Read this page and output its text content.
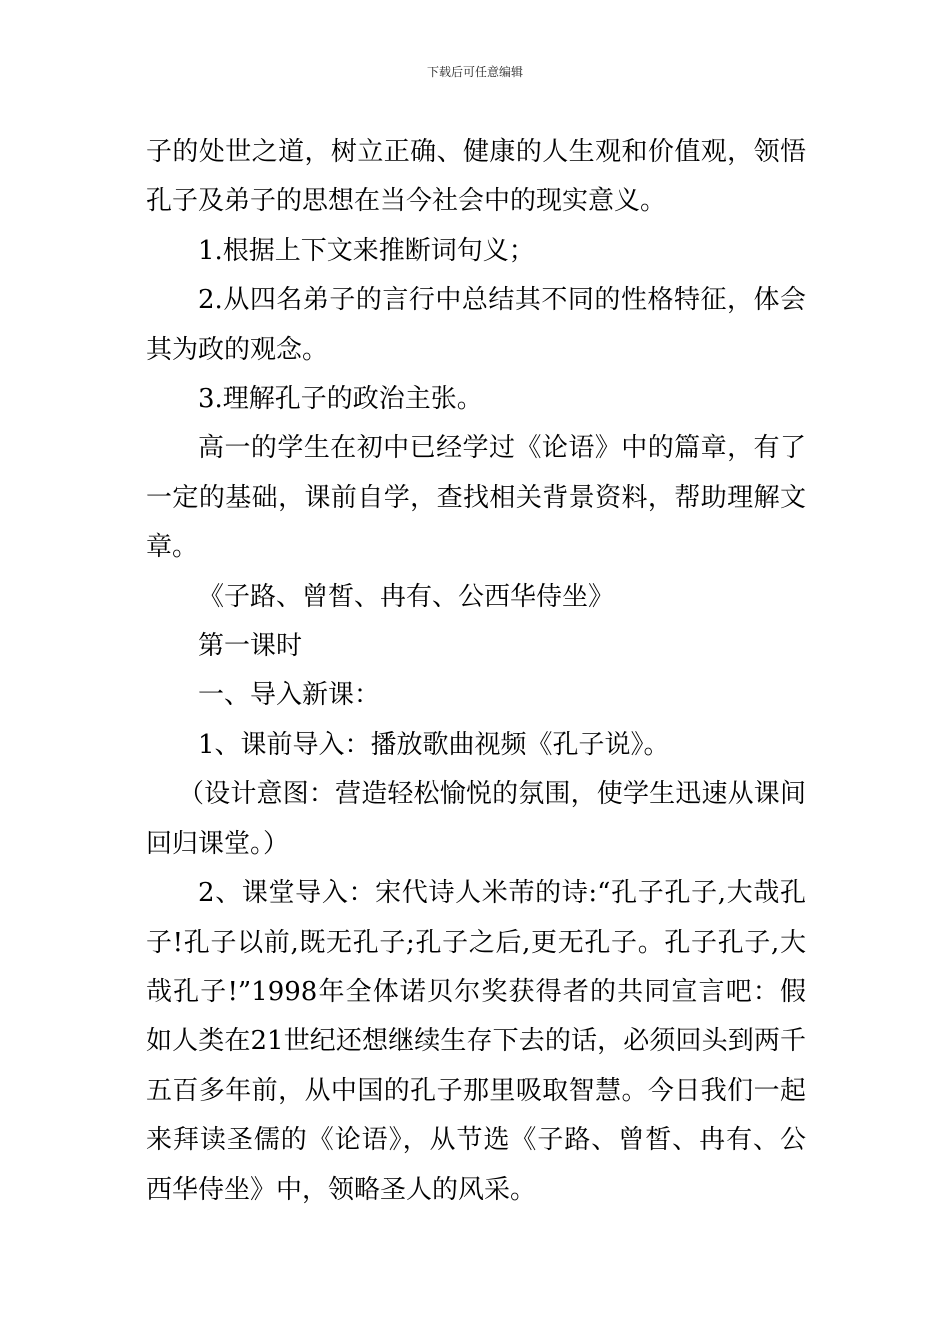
下载后可任意编辑

子的处世之道，树立正确、健康的人生观和价值观，领悟孔子及弟子的思想在当今社会中的现实意义。

1.根据上下文来推断词句义；

2.从四名弟子的言行中总结其不同的性格特征，体会其为政的观念。

3.理解孔子的政治主张。

高一的学生在初中已经学过《论语》中的篇章，有了一定的基础，课前自学，查找相关背景资料，帮助理解文章。

《子路、曾皙、冉有、公西华侍坐》

第一课时

一、导入新课：

1、课前导入：播放歌曲视频《孔子说》。

（设计意图：营造轻松愉悦的氛围，使学生迅速从课间回归课堂。）

2、课堂导入：宋代诗人米芾的诗:“孔子孔子,大哉孔子!孔子以前,既无孔子;孔子之后,更无孔子。孔子孔子,大哉孔子!”1998年全体诺贝尔奖获得者的共同宣言吧：假如人类在21世纪还想继续生存下去的话，必须回头到两千五百多年前，从中国的孔子那里吸取智慧。今日我们一起来拜读圣儒的《论语》，从节选《子路、曾皙、冉有、公西华侍坐》中，领略圣人的风采。
